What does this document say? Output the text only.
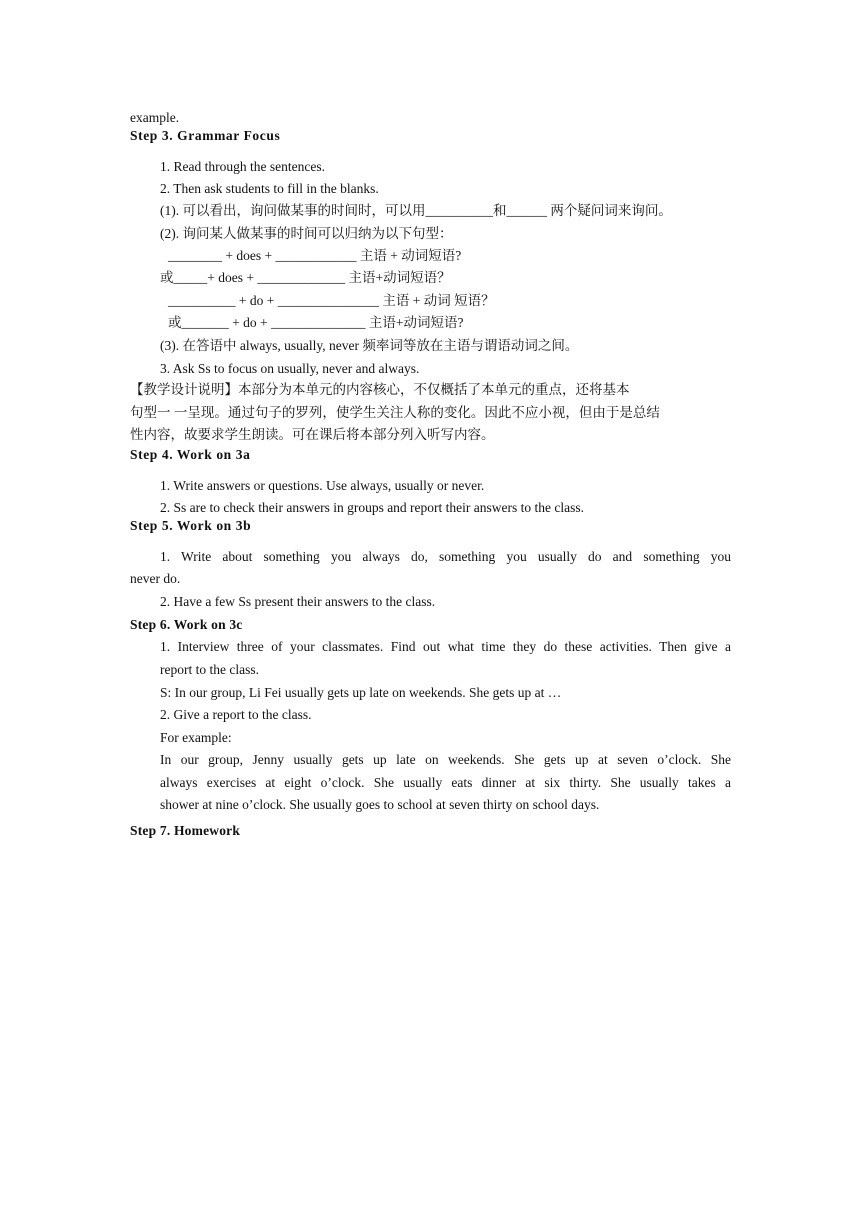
example.
Step 3. Grammar Focus
1. Read through the sentences.
2. Then ask students to fill in the blanks.
(1). 可以看出，询问做某事的时间时，可以用__________和______ 两个疑问词来询问。
(2). 询问某人做某事的时间可以归纳为以下句型：
________ + does + ____________ 主语 + 动词短语?
或_____+ does + _____________ 主语+动词短语？
__________ + do + _______________ 主语 + 动词 短语？
或_______ + do + ______________ 主语+动词短语?
(3). 在答语中 always, usually, never 频率词等放在主语与谓语动词之间。
3. Ask Ss to focus on usually, never and always.
【教学设计说明】本部分为本单元的内容核心，不仅概括了本单元的重点，还将基本
句型一 一呈现。通过句子的罗列，使学生关注人称的变化。因此不应小视，但由于是总结
性内容，故要求学生朗读。可在课后将本部分列入听写内容。
Step 4. Work on 3a
1. Write answers or questions. Use always, usually or never.
2. Ss are to check their answers in groups and report their answers to the class.
Step 5. Work on 3b
1. Write about something you always do, something you usually do and something you
never do.
2. Have a few Ss present their answers to the class.
Step 6. Work on 3c
1. Interview three of your classmates. Find out what time they do these activities. Then give a
report to the class.
S: In our group, Li Fei usually gets up late on weekends. She gets up at …
2. Give a report to the class.
For example:
In our group, Jenny usually gets up late on weekends. She gets up at seven o’clock. She
always exercises at eight o’clock. She usually eats dinner at six thirty. She usually takes a
shower at nine o’clock. She usually goes to school at seven thirty on school days.
Step 7. Homework
